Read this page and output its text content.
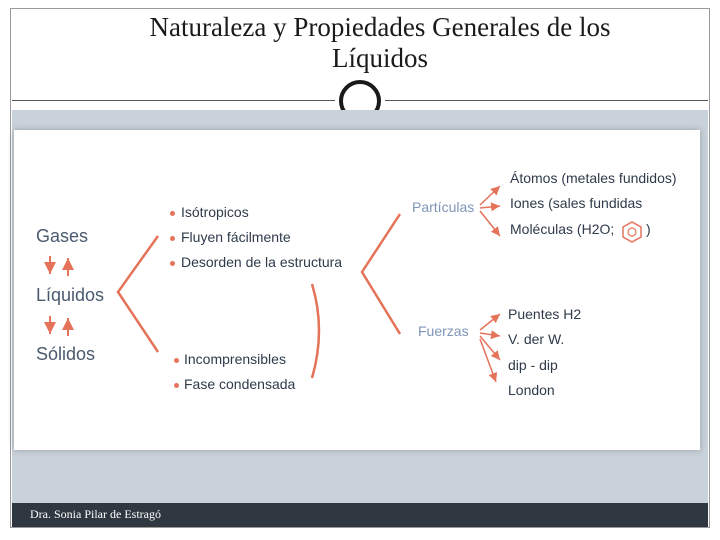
Naturaleza y Propiedades Generales de los
Líquidos
Gases
Líquidos
Sólidos
Isótropicos
Fluyen fácilmente
Desorden de la estructura
Incomprensibles
Fase condensada
Partículas
Átomos (metales fundidos)
Iones (sales fundidas
Moléculas (H2O; )
Fuerzas
Puentes H2
V. der W.
dip - dip
London
Dra. Sonia Pilar de Estragó
